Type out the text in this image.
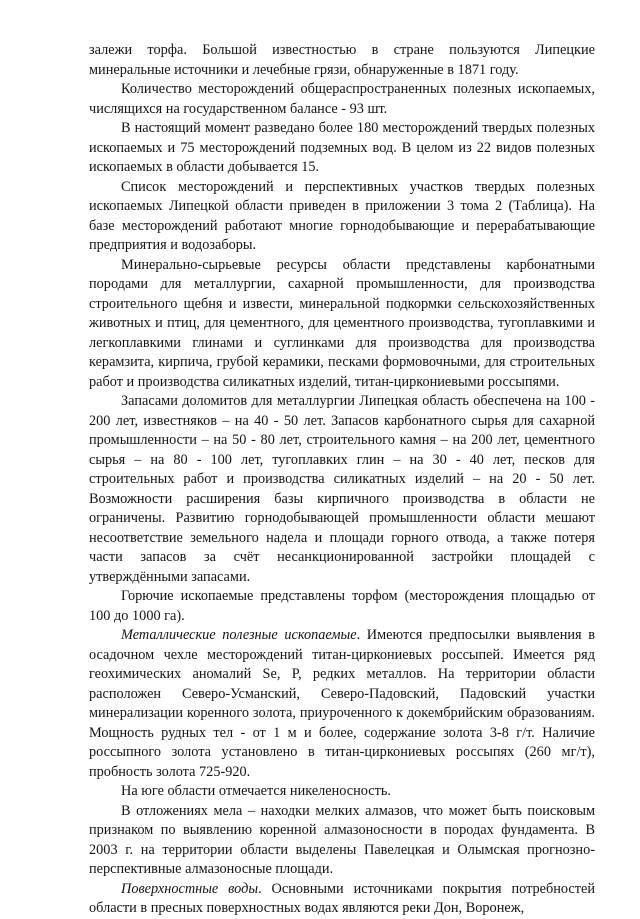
залежи торфа. Большой известностью в стране пользуются Липецкие минеральные источники и лечебные грязи, обнаруженные в 1871 году.

Количество месторождений общераспространенных полезных ископаемых, числящихся на государственном балансе - 93 шт.

В настоящий момент разведано более 180 месторождений твердых полезных ископаемых и 75 месторождений подземных вод. В целом из 22 видов полезных ископаемых в области добывается 15.

Список месторождений и перспективных участков твердых полезных ископаемых Липецкой области приведен в приложении 3 тома 2 (Таблица). На базе месторождений работают многие горнодобывающие и перерабатывающие предприятия и водозаборы.

Минерально-сырьевые ресурсы области представлены карбонатными породами для металлургии, сахарной промышленности, для производства строительного щебня и извести, минеральной подкормки сельскохозяйственных животных и птиц, для цементного, для цементного производства, тугоплавкими и легкоплавкими глинами и суглинками для производства для производства керамзита, кирпича, грубой керамики, песками формовочными, для строительных работ и производства силикатных изделий, титан-циркониевыми россыпями.

Запасами доломитов для металлургии Липецкая область обеспечена на 100 - 200 лет, известняков – на 40 - 50 лет. Запасов карбонатного сырья для сахарной промышленности – на 50 - 80 лет, строительного камня – на 200 лет, цементного сырья – на 80 - 100 лет, тугоплавких глин – на 30 - 40 лет, песков для строительных работ и производства силикатных изделий – на 20 - 50 лет. Возможности расширения базы кирпичного производства в области не ограничены. Развитию горнодобывающей промышленности области мешают несоответствие земельного надела и площади горного отвода, а также потеря части запасов за счёт несанкционированной застройки площадей с утверждёнными запасами.

Горючие ископаемые представлены торфом (месторождения площадью от 100 до 1000 га).

Металлические полезные ископаемые. Имеются предпосылки выявления в осадочном чехле месторождений титан-циркониевых россыпей. Имеется ряд геохимических аномалий Se, P, редких металлов. На территории области расположен Северо-Усманский, Северо-Падовский, Падовский участки минерализации коренного золота, приуроченного к докембрийским образованиям. Мощность рудных тел - от 1 м и более, содержание золота 3-8 г/т. Наличие россыпного золота установлено в титан-циркониевых россыпях (260 мг/т), пробность золота 725-920.

На юге области отмечается никеленосность.

В отложениях мела – находки мелких алмазов, что может быть поисковым признаком по выявлению коренной алмазоносности в породах фундамента. В 2003 г. на территории области выделены Павелецкая и Олымская прогнозно-перспективные алмазоносные площади.

Поверхностные воды. Основными источниками покрытия потребностей области в пресных поверхностных водах являются реки Дон, Воронеж,
